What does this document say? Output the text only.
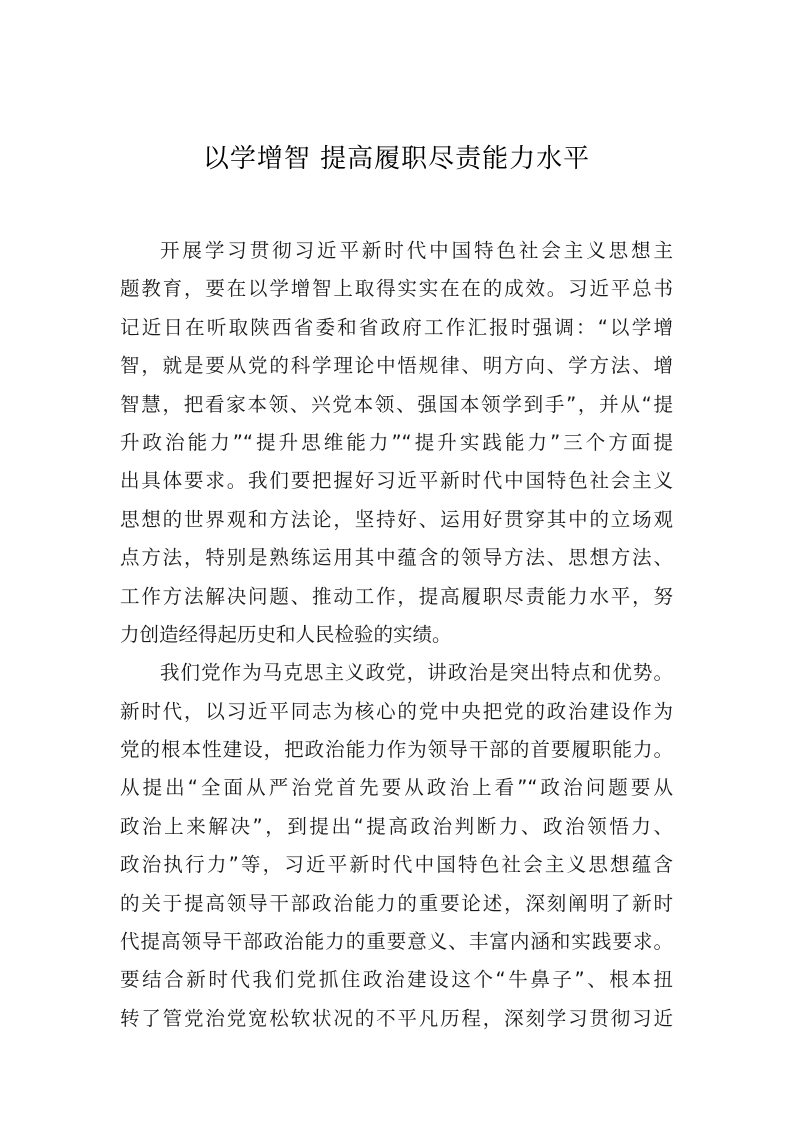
以学增智 提高履职尽责能力水平
开展学习贯彻习近平新时代中国特色社会主义思想主
题教育，要在以学增智上取得实实在在的成效。习近平总书
记近日在听取陕西省委和省政府工作汇报时强调：“以学增
智，就是要从党的科学理论中悟规律、明方向、学方法、增
智慧，把看家本领、兴党本领、强国本领学到手”，并从“提
升政治能力”“提升思维能力”“提升实践能力”三个方面提
出具体要求。我们要把握好习近平新时代中国特色社会主义
思想的世界观和方法论，坚持好、运用好贯穿其中的立场观
点方法，特别是熟练运用其中蕴含的领导方法、思想方法、
工作方法解决问题、推动工作，提高履职尽责能力水平，努
力创造经得起历史和人民检验的实绩。
我们党作为马克思主义政党，讲政治是突出特点和优势。
新时代，以习近平同志为核心的党中央把党的政治建设作为
党的根本性建设，把政治能力作为领导干部的首要履职能力。
从提出“全面从严治党首先要从政治上看”“政治问题要从
政治上来解决”，到提出“提高政治判断力、政治领悟力、
政治执行力”等，习近平新时代中国特色社会主义思想蕴含
的关于提高领导干部政治能力的重要论述，深刻阐明了新时
代提高领导干部政治能力的重要意义、丰富内涵和实践要求。
要结合新时代我们党抓住政治建设这个“牛鼻子”、根本扭
转了管党治党宽松软状况的不平凡历程，深刻学习贯彻习近
